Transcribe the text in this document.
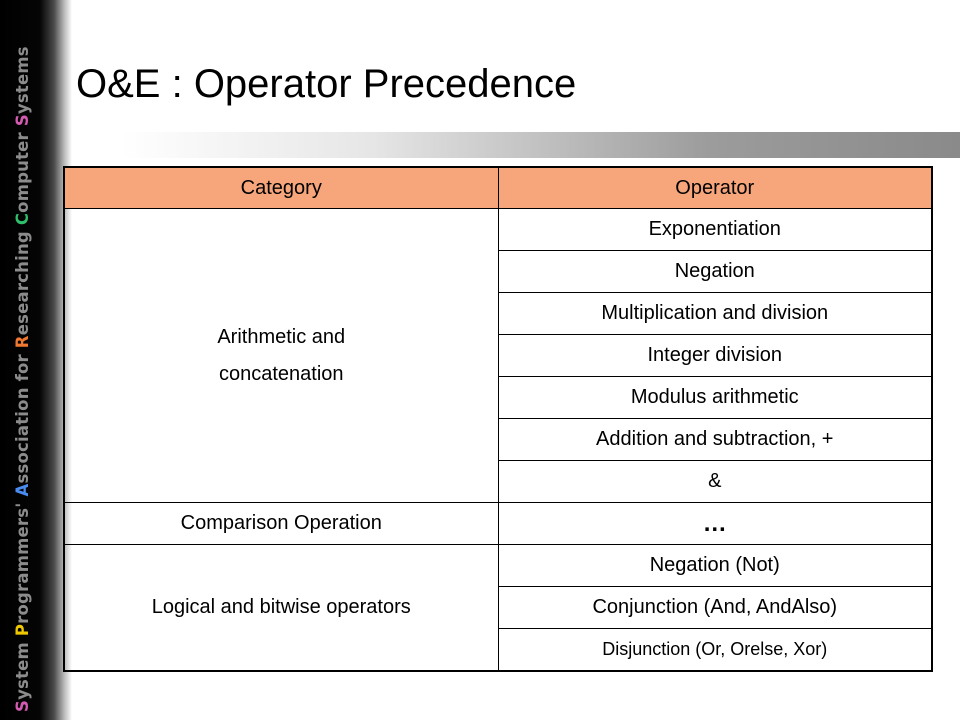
System Programmers' Association for Researching Computer Systems O&E : Operator Precedence
Category	Operator

Arithmetic and
concatenation	Exponentiation
	Negation
	Multiplication and division
	Integer division
	Modulus arithmetic
	Addition and subtraction, +
	&
Comparison Operation	…
Logical and bitwise operators	Negation (Not)
	Conjunction (And, AndAlso)
	Disjunction (Or, Orelse, Xor)
